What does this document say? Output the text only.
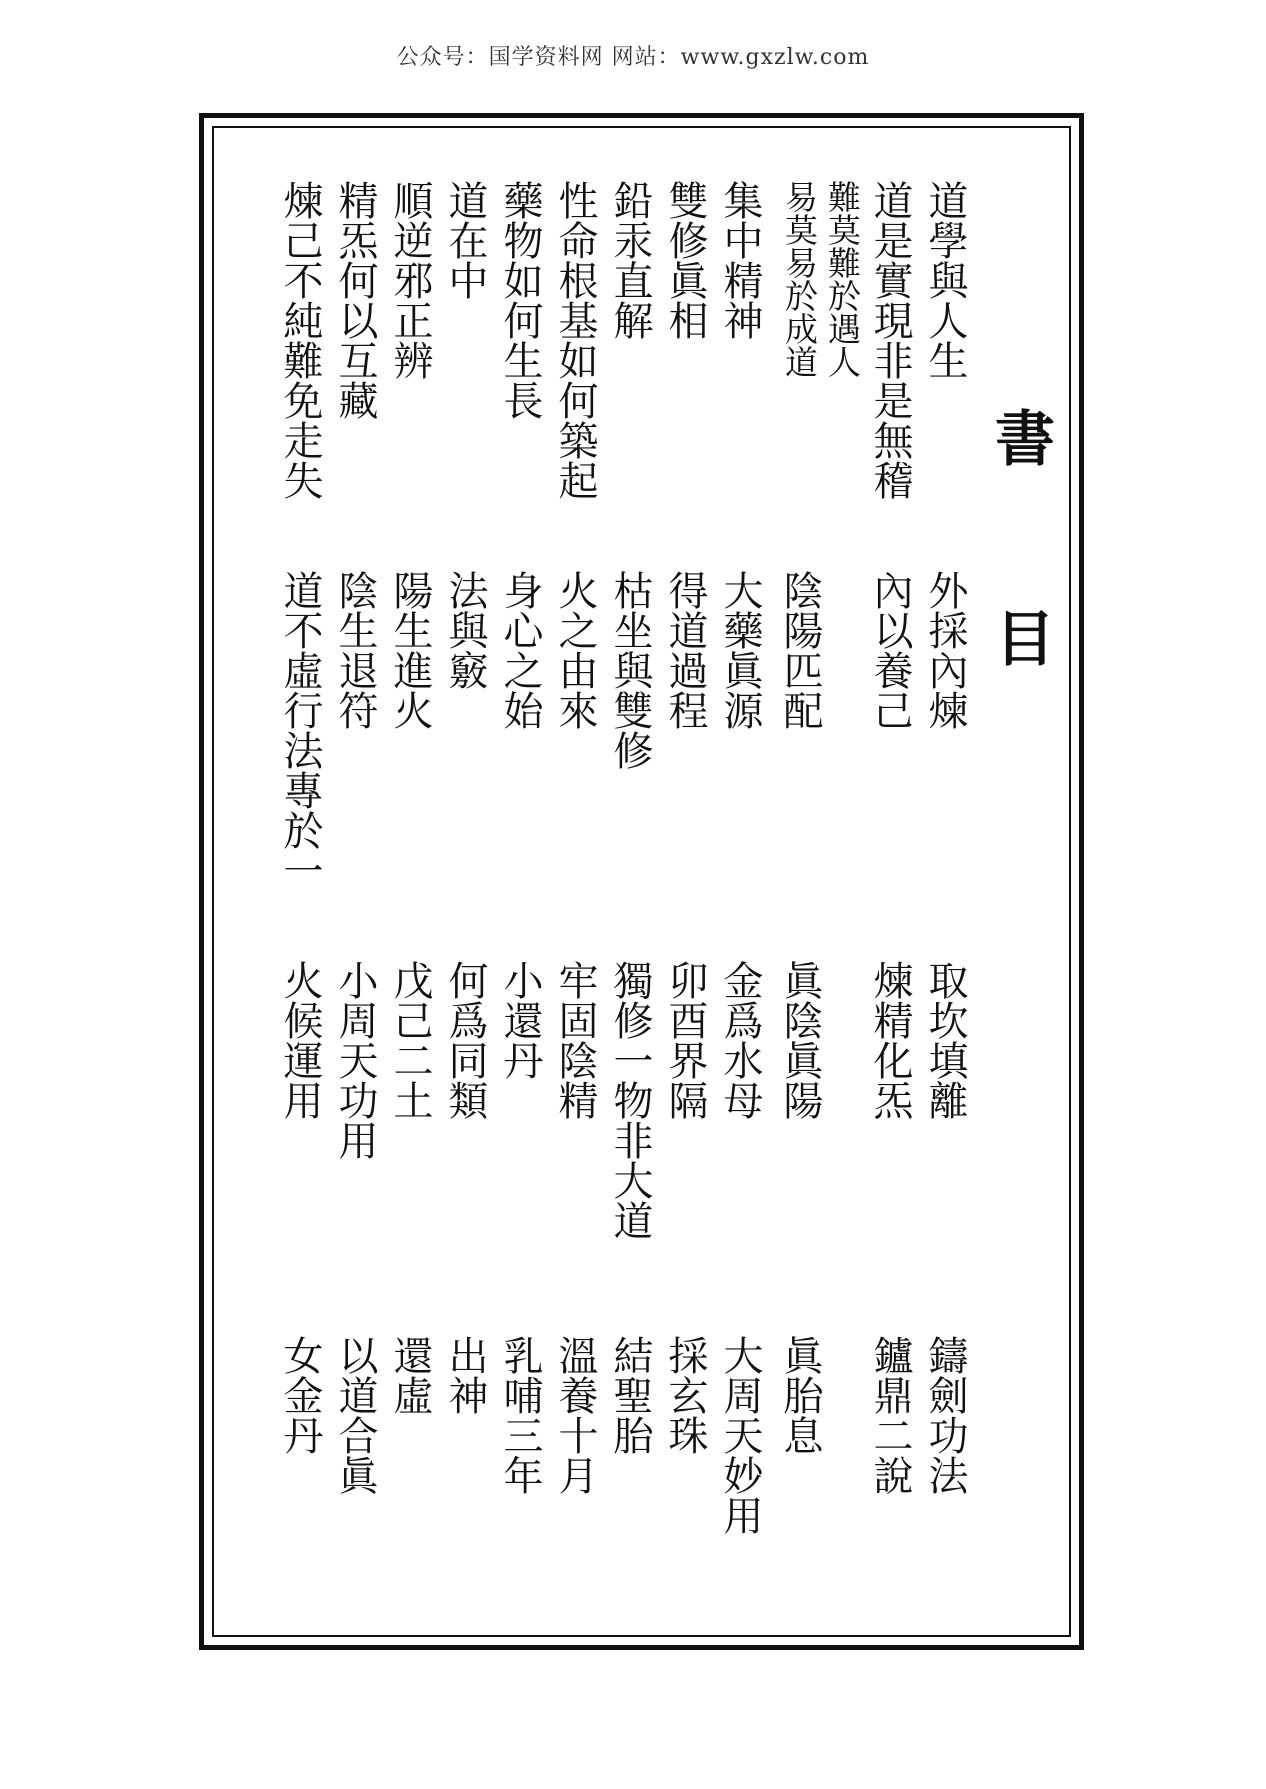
公众号：国学资料网 网站：www.gxzlw.com
書
目
道學與人生
外採內煉
取坎填離
鑄劍功法
道是實現非是無稽
內以養己
煉精化炁
鑪鼎二說
難莫難於遇人
易莫易於成道
陰陽匹配
眞陰眞陽
眞胎息
集中精神
大藥眞源
金爲水母
大周天妙用
雙修眞相
得道過程
卯酉界隔
採玄珠
鉛汞直解
枯坐與雙修
獨修一物非大道
結聖胎
性命根基如何築起
火之由來
牢固陰精
溫養十月
藥物如何生長
身心之始
小還丹
乳哺三年
道在中
法與竅
何爲同類
出神
順逆邪正辨
陽生進火
戊己二土
還虛
精炁何以互藏
陰生退符
小周天功用
以道合眞
煉己不純難免走失
道不虛行法專於一
火候運用
女金丹
